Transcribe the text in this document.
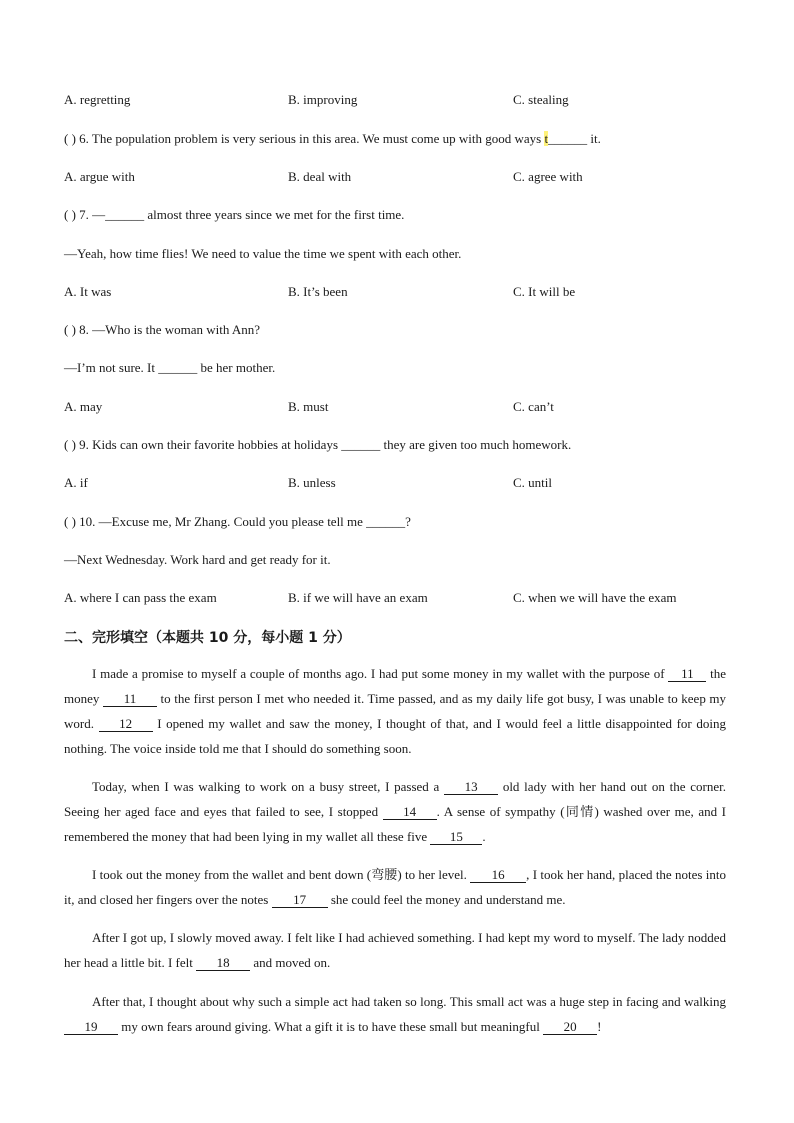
A. regretting	B. improving	C. stealing
( ) 6. The population problem is very serious in this area. We must come up with good ways t______ it.
A. argue with	B. deal with	C. agree with
( ) 7. —______ almost three years since we met for the first time.
—Yeah, how time flies! We need to value the time we spent with each other.
A. It was	B. It’s been	C. It will be
( ) 8. —Who is the woman with Ann?
—I’m not sure. It ______ be her mother.
A. may	B. must	C. can’t
( ) 9. Kids can own their favorite hobbies at holidays ______ they are given too much homework.
A. if	B. unless	C. until
( ) 10. —Excuse me, Mr Zhang. Could you please tell me ______?
—Next Wednesday. Work hard and get ready for it.
A. where I can pass the exam	B. if we will have an exam	C. when we will have the exam
二、完形填空（本题共 10 分，每小题 1 分）

I made a promise to myself a couple of months ago. I had put some money in my wallet with the purpose of 11 the money 11 to the first person I met who needed it. Time passed, and as my daily life got busy, I was unable to keep my word. 12 I opened my wallet and saw the money, I thought of that, and I would feel a little disappointed for doing nothing. The voice inside told me that I should do something soon.

Today, when I was walking to work on a busy street, I passed a 13 old lady with her hand out on the corner. Seeing her aged face and eyes that failed to see, I stopped 14 . A sense of sympathy (同情) washed over me, and I remembered the money that had been lying in my wallet all these five 15 .

I took out the money from the wallet and bent down (弯腰) to her level. 16 , I took her hand, placed the notes into it, and closed her fingers over the notes 17 she could feel the money and understand me.

After I got up, I slowly moved away. I felt like I had achieved something. I had kept my word to myself. The lady nodded her head a little bit. I felt 18 and moved on.

After that, I thought about why such a simple act had taken so long. This small act was a huge step in facing and walking 19 my own fears around giving. What a gift it is to have these small but meaningful 20 !
